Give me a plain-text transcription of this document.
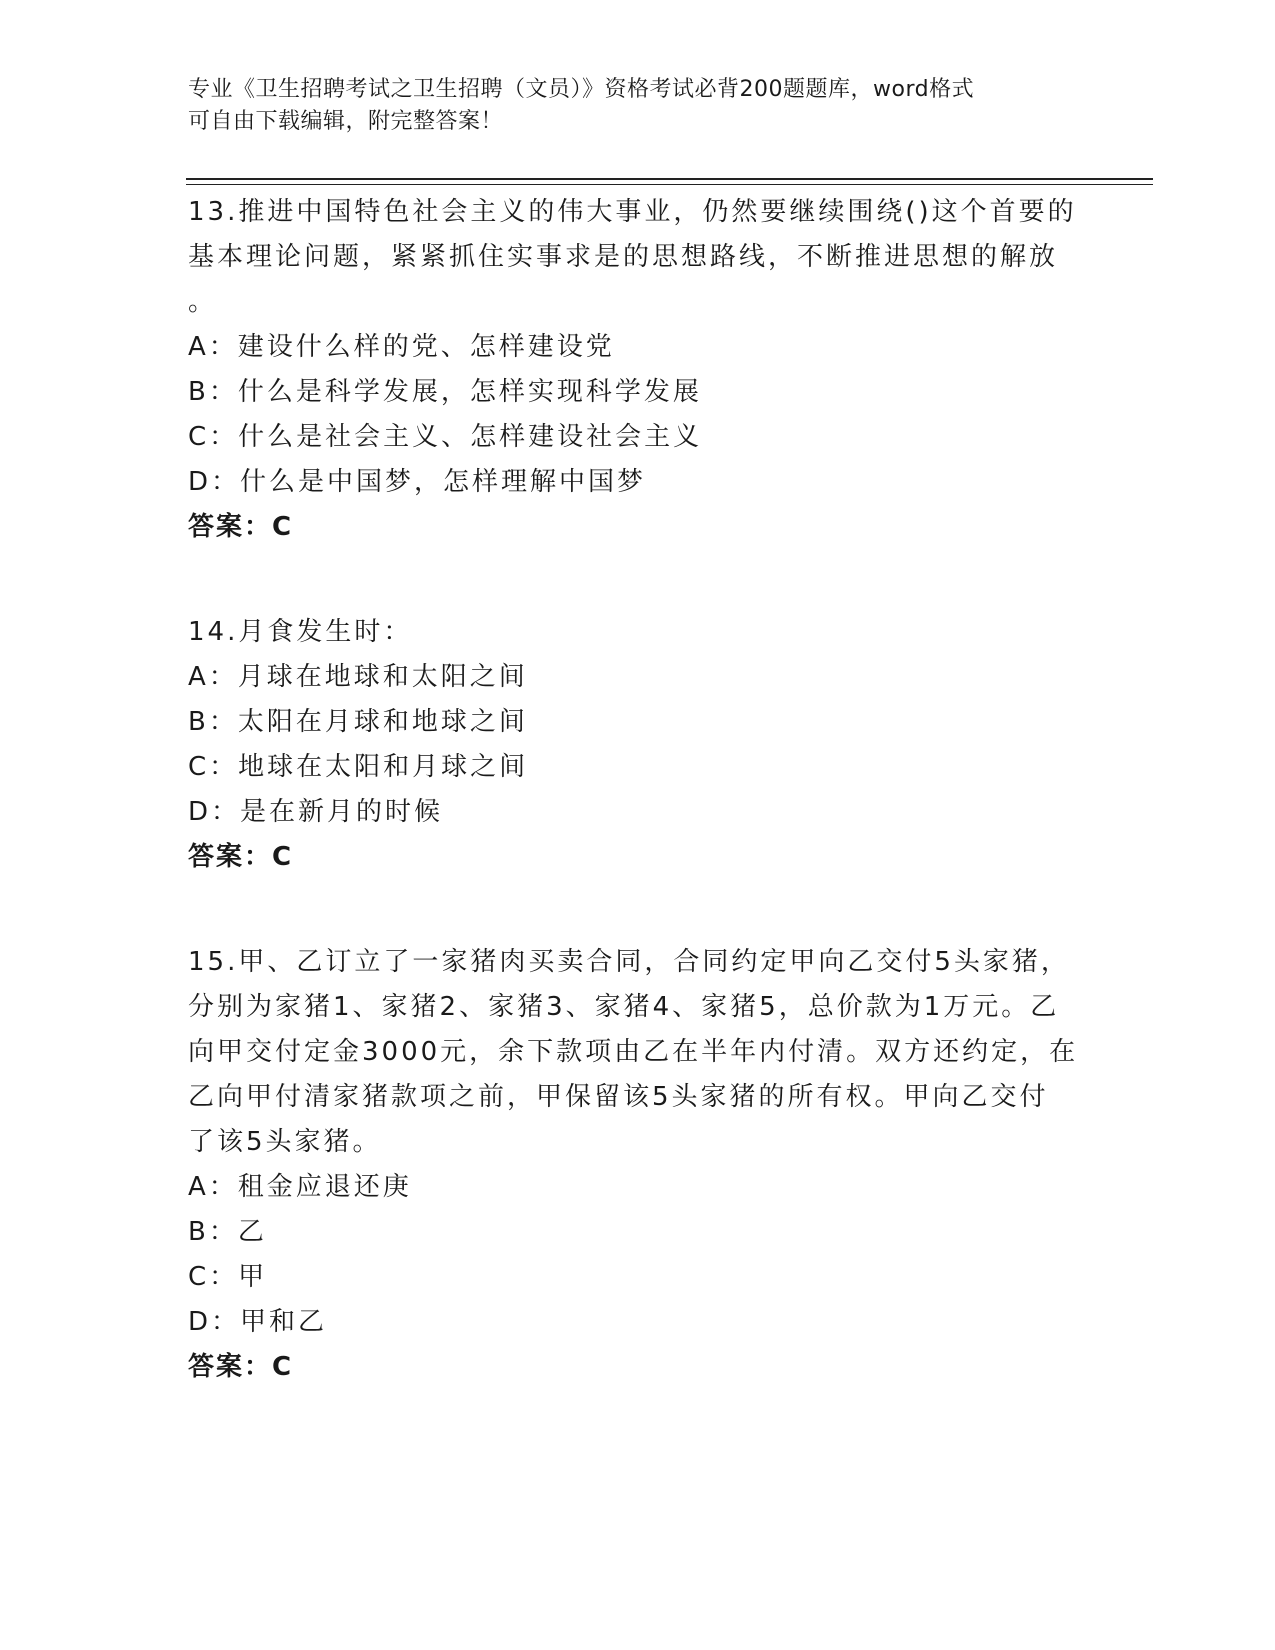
专业《卫生招聘考试之卫生招聘（文员）》资格考试必背200题题库，word格式
可自由下载编辑，附完整答案！

13.推进中国特色社会主义的伟大事业，仍然要继续围绕()这个首要的

基本理论问题，紧紧抓住实事求是的思想路线，不断推进思想的解放

。

A：建设什么样的党、怎样建设党

B：什么是科学发展，怎样实现科学发展

C：什么是社会主义、怎样建设社会主义

D：什么是中国梦，怎样理解中国梦

答案：C

14.月食发生时：

A：月球在地球和太阳之间

B：太阳在月球和地球之间

C：地球在太阳和月球之间

D：是在新月的时候

答案：C

15.甲、乙订立了一家猪肉买卖合同，合同约定甲向乙交付5头家猪，

分别为家猪1、家猪2、家猪3、家猪4、家猪5，总价款为1万元。乙

向甲交付定金3000元，余下款项由乙在半年内付清。双方还约定，在

乙向甲付清家猪款项之前，甲保留该5头家猪的所有权。甲向乙交付

了该5头家猪。

A：租金应退还庚

B：乙

C：甲

D：甲和乙

答案：C
